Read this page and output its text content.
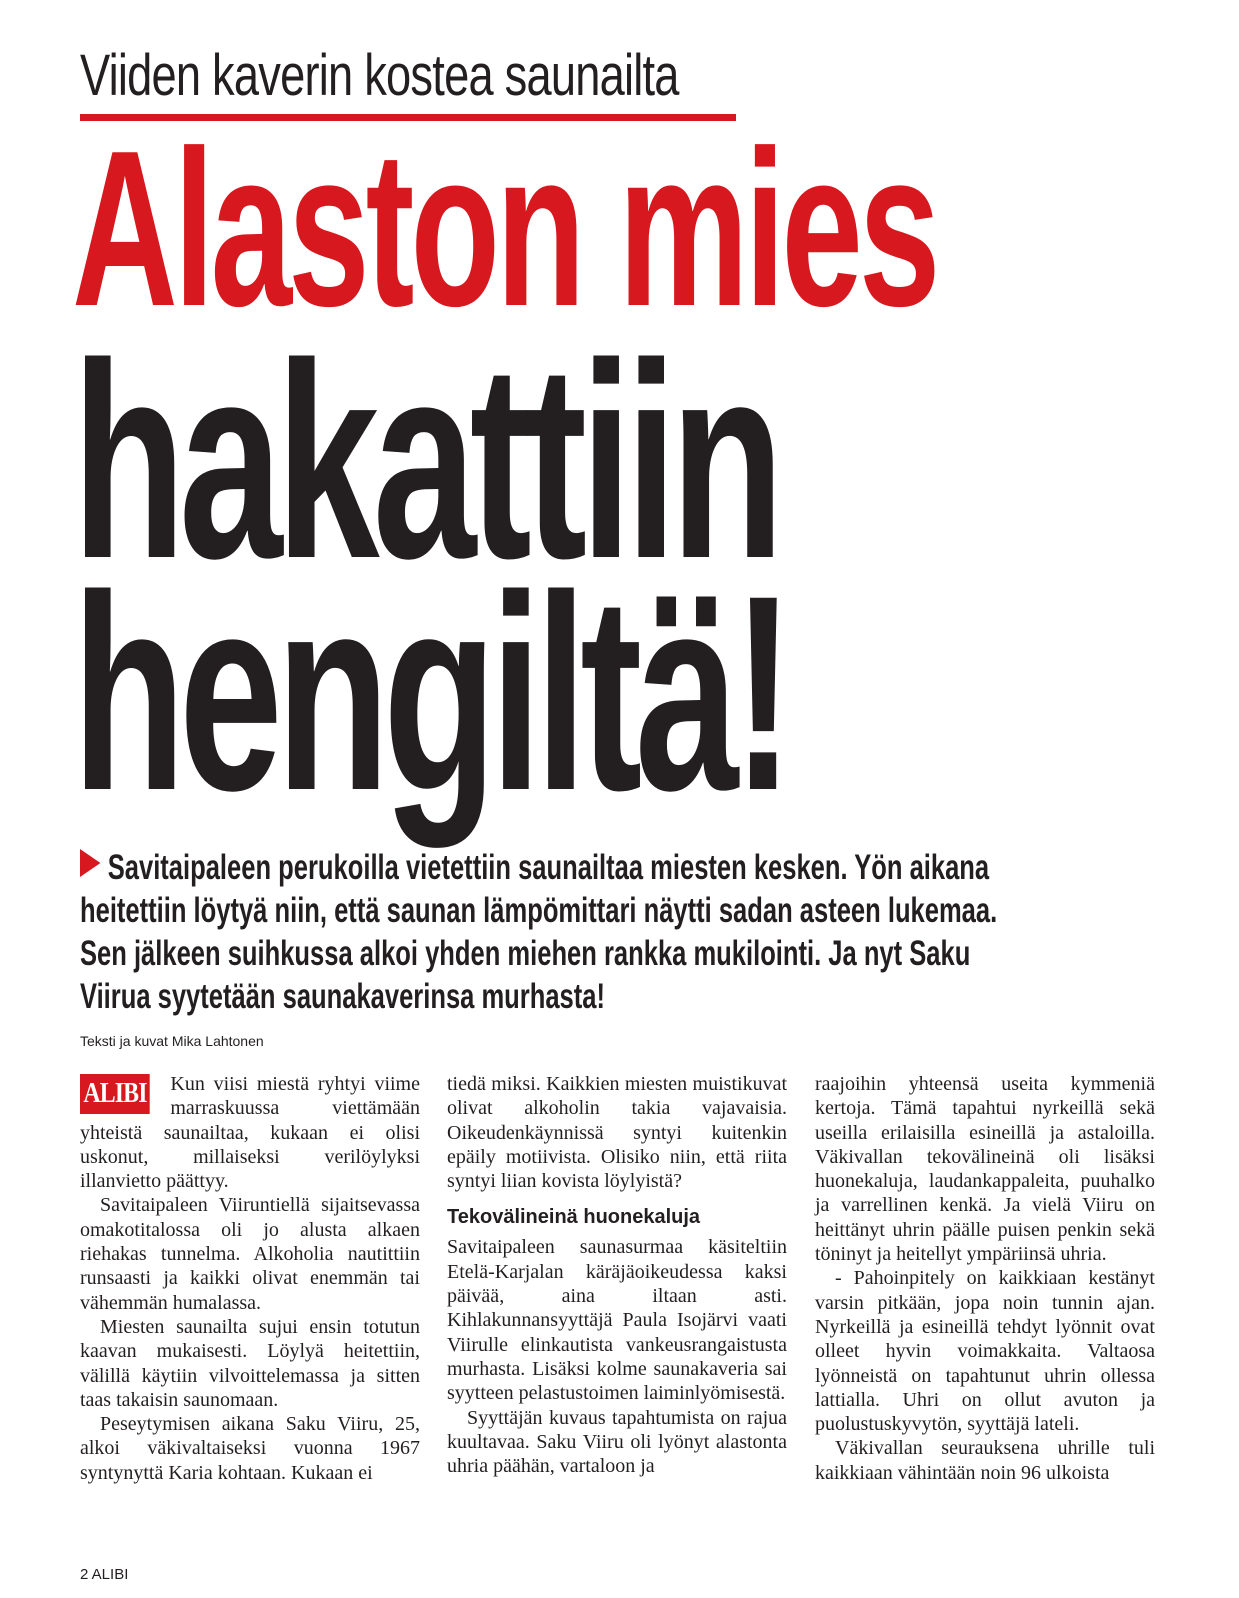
Viiden kaverin kostea saunailta
Alaston mies
hakattiin
hengiltä!
Savitaipaleen perukoilla vietettiin saunailtaa miesten kesken. Yön aikana
heitettiin löytyä niin, että saunan lämpömittari näytti sadan asteen lukemaa.
Sen jälkeen suihkussa alkoi yhden miehen rankka mukilointi. Ja nyt Saku
Viirua syytetään saunakaverinsa murhasta!
Teksti ja kuvat Mika Lahtonen

ALIBI Kun viisi miestä ryhtyi viime marraskuussa viettämään yhteistä saunailtaa, kukaan ei olisi uskonut, millaiseksi verilöylyksi illanvietto päättyy.

Savitaipaleen Viiruntiellä sijaitsevassa omakotitalossa oli jo alusta alkaen riehakas tunnelma. Alkoholia nautittiin runsaasti ja kaikki olivat enemmän tai vähemmän humalassa.

Miesten saunailta sujui ensin totutun kaavan mukaisesti. Löylyä heitettiin, välillä käytiin vilvoittelemassa ja sitten taas takaisin saunomaan.

Peseytymisen aikana Saku Viiru, 25, alkoi väkivaltaiseksi vuonna 1967 syntynyttä Karia kohtaan. Kukaan ei

tiedä miksi. Kaikkien miesten muistikuvat olivat alkoholin takia vajavaisia. Oikeudenkäynnissä syntyi kuitenkin epäily motiivista. Olisiko niin, että riita syntyi liian kovista löylyistä?

Tekovälineinä huonekaluja

Savitaipaleen saunasurmaa käsiteltiin Etelä-Karjalan käräjäoikeudessa kaksi päivää, aina iltaan asti. Kihlakunnansyyttäjä Paula Isojärvi vaati Viirulle elinkautista vankeusrangaistusta murhasta. Lisäksi kolme saunakaveria sai syytteen pelastustoimen laiminlyömisestä.

Syyttäjän kuvaus tapahtumista on rajua kuultavaa. Saku Viiru oli lyönyt alastonta uhria päähän, vartaloon ja

raajoihin yhteensä useita kymmeniä kertoja. Tämä tapahtui nyrkeillä sekä useilla erilaisilla esineillä ja astaloilla. Väkivallan tekovälineinä oli lisäksi huonekaluja, laudankappaleita, puuhalko ja varrellinen kenkä. Ja vielä Viiru on heittänyt uhrin päälle puisen penkin sekä töninyt ja heitellyt ympäriinsä uhria.

- Pahoinpitely on kaikkiaan kestänyt varsin pitkään, jopa noin tunnin ajan. Nyrkeillä ja esineillä tehdyt lyönnit ovat olleet hyvin voimakkaita. Valtaosa lyönneistä on tapahtunut uhrin ollessa lattialla. Uhri on ollut avuton ja puolustuskyvytön, syyttäjä lateli.

Väkivallan seurauksena uhrille tuli kaikkiaan vähintään noin 96 ulkoista

2 ALIBI
